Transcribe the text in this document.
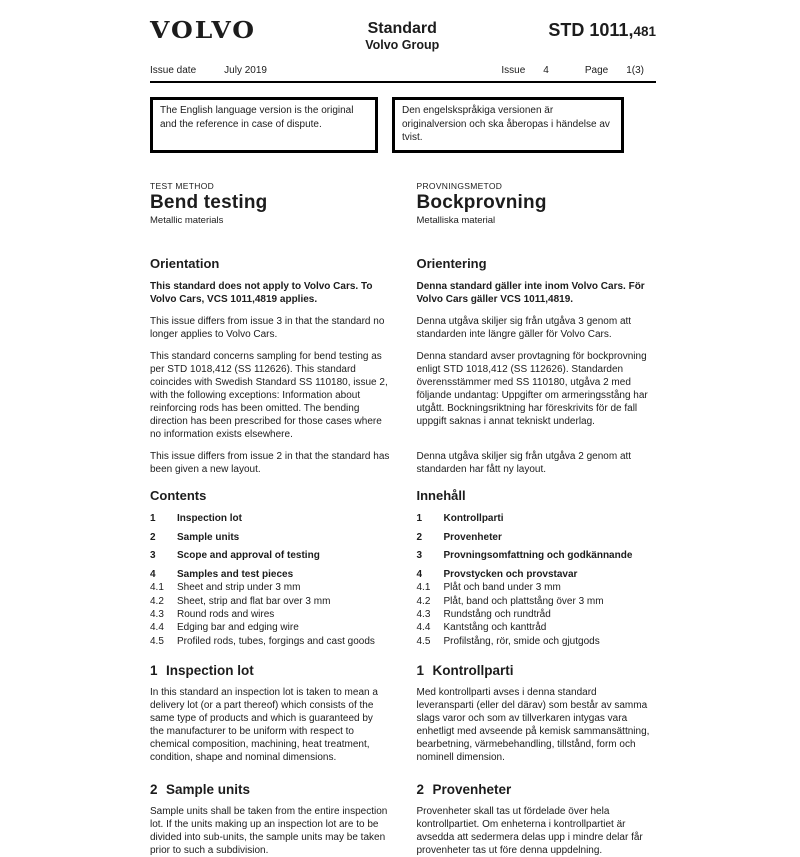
VOLVO	Standard
Volvo Group
STD 1011,481
Issue date	July 2019	Issue 4	Page 1(3)
The English language version is the original and the reference in case of dispute.
Den engelskspråkiga versionen är originalversion och ska åberopas i händelse av tvist.
TEST METHOD	PROVNINGSMETOD
Bend testing	Bockprovning
Metallic materials	Metalliska material
Orientation	Orientering
This standard does not apply to Volvo Cars. To Volvo Cars, VCS 1011,4819 applies.
Denna standard gäller inte inom Volvo Cars. För Volvo Cars gäller VCS 1011,4819.
This issue differs from issue 3 in that the standard no longer applies to Volvo Cars.
Denna utgåva skiljer sig från utgåva 3 genom att standarden inte längre gäller för Volvo Cars.
This standard concerns sampling for bend testing as per STD 1018,412 (SS 112626). This standard coincides with Swedish Standard SS 110180, issue 2, with the following exceptions: Information about reinforcing rods has been omitted. The bending direction has been prescribed for those cases where no information exists elsewhere.
Denna standard avser provtagning för bockprovning enligt STD 1018,412 (SS 112626). Standarden överensstämmer med SS 110180, utgåva 2 med följande undantag: Uppgifter om armeringsstång har utgått. Bockningsriktning har föreskrivits för de fall uppgift saknas i annat tekniskt underlag.
This issue differs from issue 2 in that the standard has been given a new layout.
Denna utgåva skiljer sig från utgåva 2 genom att standarden har fått ny layout.
Contents	Innehåll
1	Inspection lot	1	Kontrollparti
2	Sample units	2	Provenheter
3	Scope and approval of testing	3	Provningsomfattning och godkännande
4	Samples and test pieces	4	Provstycken och provstavar
4.1	Sheet and strip under 3 mm	4.1	Plåt och band under 3 mm
4.2	Sheet, strip and flat bar over 3 mm	4.2	Plåt, band och plattstång över 3 mm
4.3	Round rods and wires	4.3	Rundstång och rundtråd
4.4	Edging bar and edging wire	4.4	Kantstång och kanttråd
4.5	Profiled rods, tubes, forgings and cast goods	4.5	Profilstång, rör, smide och gjutgods
1 Inspection lot	1 Kontrollparti
In this standard an inspection lot is taken to mean a delivery lot (or a part thereof) which consists of the same type of products and which is guaranteed by the manufacturer to be uniform with respect to chemical composition, machining, heat treatment, condition, shape and nominal dimensions.
Med kontrollparti avses i denna standard leveransparti (eller del därav) som består av samma slags varor och som av tillverkaren intygas vara enhetligt med avseende på kemisk sammansättning, bearbetning, värmebehandling, tillstånd, form och nominell dimension.
2 Sample units	2 Provenheter
Sample units shall be taken from the entire inspection lot. If the units making up an inspection lot are to be divided into sub-units, the sample units may be taken prior to such a subdivision.
Provenheter skall tas ut fördelade över hela kontrollpartiet. Om enheterna i kontrollpartiet är avsedda att sedermera delas upp i mindre delar får provenheter tas ut före denna uppdelning.
